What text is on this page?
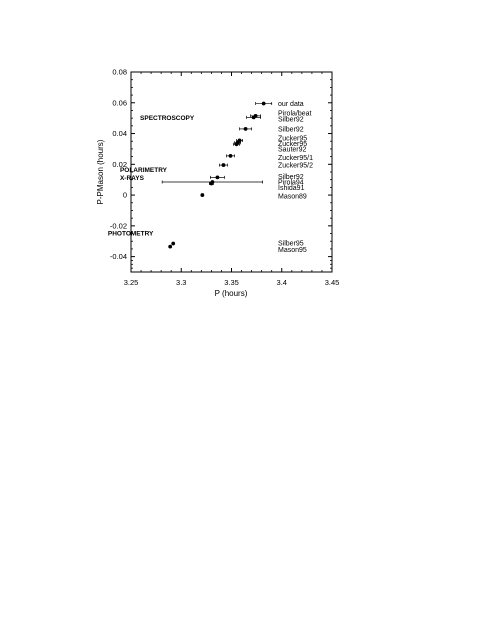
3.25	3.3	3.35	3.4	3.45
-0.04
-0.02
0
0.02
0.04
0.06
0.08
our data
Pirola/beat
Silber92
Silber92
Zucker95
Zucker95
Sauter92
Zucker95/1
Zucker95/2
Silber92
Pirola94
Ishida91
Mason89
Silber95
Mason95
SPECTROSCOPY
POLARIMETRY
X-RAYS
PHOTOMETRY
P (hours)
P-PMason (hours)
